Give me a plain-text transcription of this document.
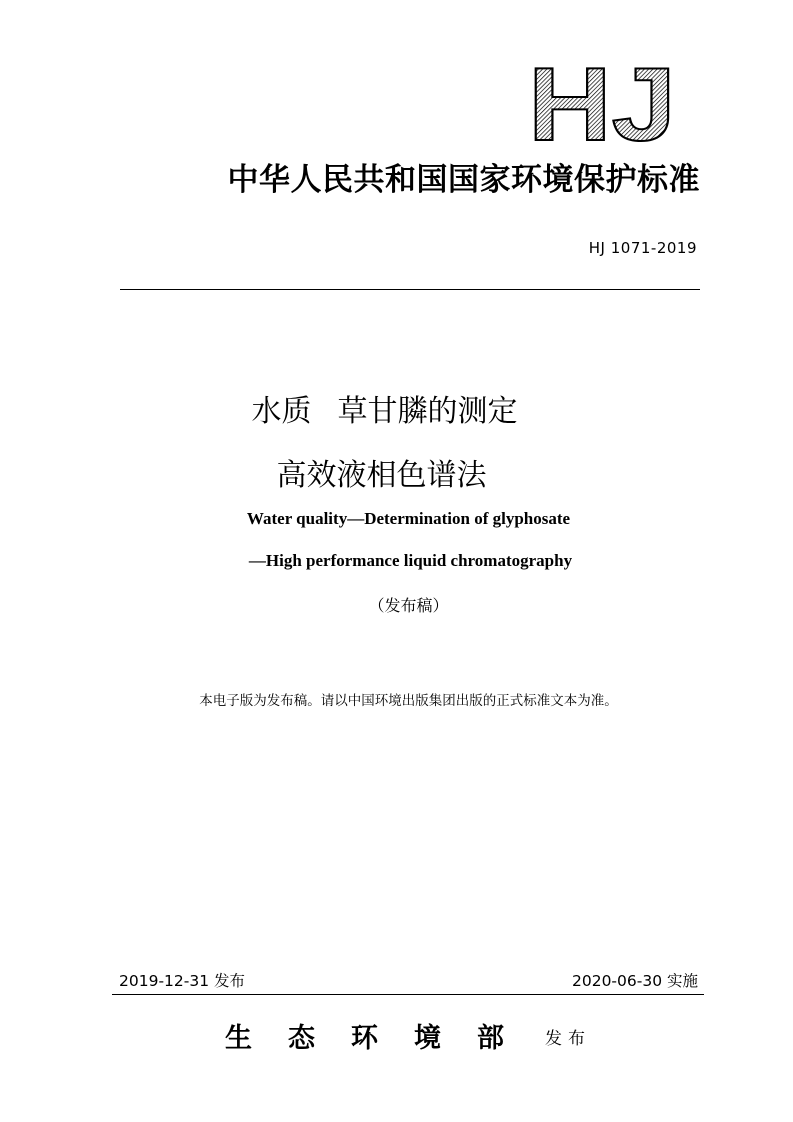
HJ
中华人民共和国国家环境保护标准
HJ 1071-2019
水质 草甘膦的测定
高效液相色谱法
Water quality—Determination of glyphosate
—High performance liquid chromatography
（发布稿）
本电子版为发布稿。请以中国环境出版集团出版的正式标准文本为准。
2019-12-31 发布	2020-06-30 实施
生态环境部 发布
